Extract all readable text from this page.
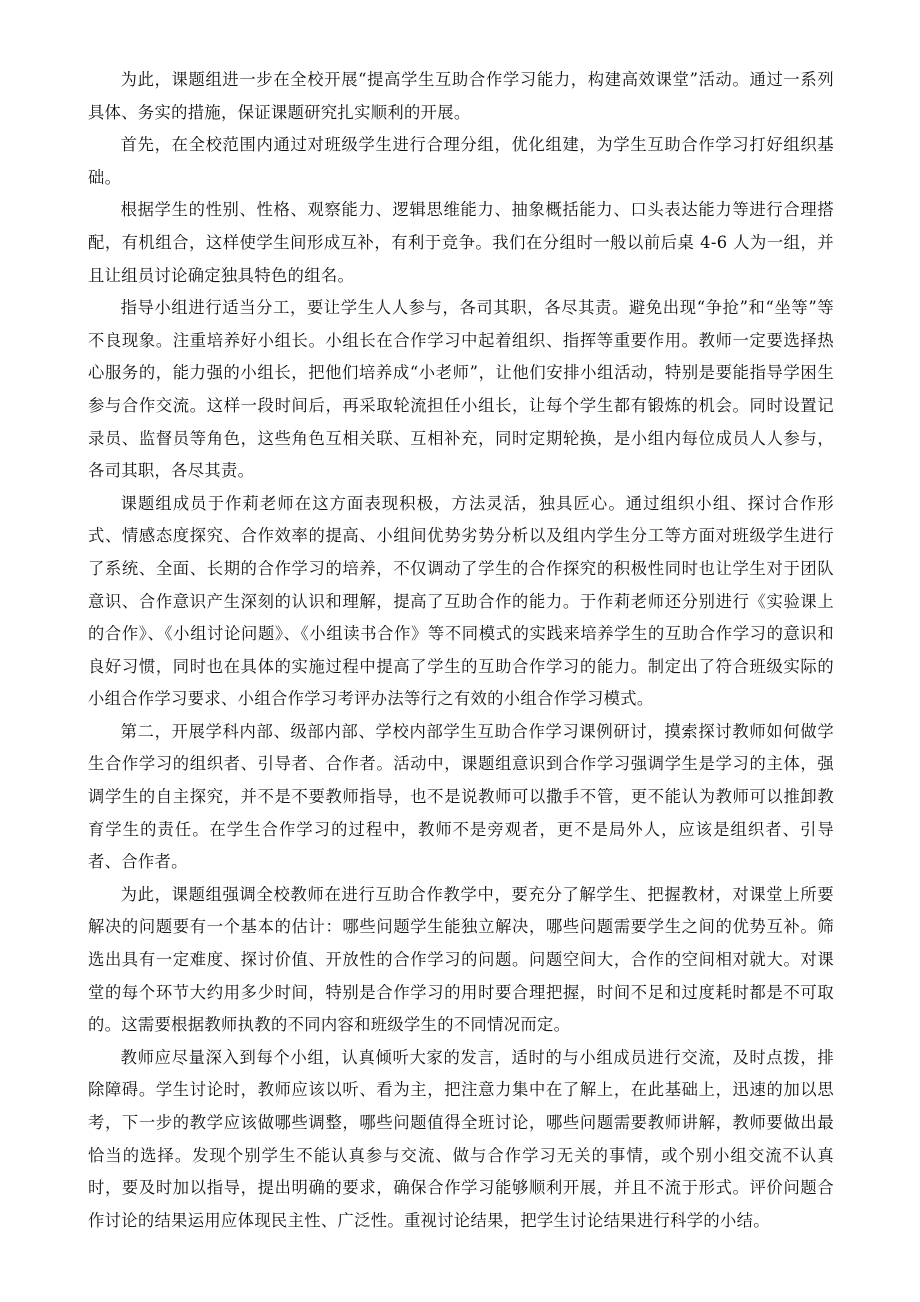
为此，课题组进一步在全校开展“提高学生互助合作学习能力，构建高效课堂”活动。通过一系列具体、务实的措施，保证课题研究扎实顺利的开展。

首先，在全校范围内通过对班级学生进行合理分组，优化组建，为学生互助合作学习打好组织基础。

根据学生的性别、性格、观察能力、逻辑思维能力、抽象概括能力、口头表达能力等进行合理搭配，有机组合，这样使学生间形成互补，有利于竞争。我们在分组时一般以前后桌 4-6 人为一组，并且让组员讨论确定独具特色的组名。

指导小组进行适当分工，要让学生人人参与，各司其职，各尽其责。避免出现“争抢”和“坐等”等不良现象。注重培养好小组长。小组长在合作学习中起着组织、指挥等重要作用。教师一定要选择热心服务的，能力强的小组长，把他们培养成“小老师”，让他们安排小组活动，特别是要能指导学困生参与合作交流。这样一段时间后，再采取轮流担任小组长，让每个学生都有锻炼的机会。同时设置记录员、监督员等角色，这些角色互相关联、互相补充，同时定期轮换，是小组内每位成员人人参与，各司其职，各尽其责。

课题组成员于作莉老师在这方面表现积极，方法灵活，独具匠心。通过组织小组、探讨合作形式、情感态度探究、合作效率的提高、小组间优势劣势分析以及组内学生分工等方面对班级学生进行了系统、全面、长期的合作学习的培养，不仅调动了学生的合作探究的积极性同时也让学生对于团队意识、合作意识产生深刻的认识和理解，提高了互助合作的能力。于作莉老师还分别进行《实验课上的合作》、《小组讨论问题》、《小组读书合作》等不同模式的实践来培养学生的互助合作学习的意识和良好习惯，同时也在具体的实施过程中提高了学生的互助合作学习的能力。制定出了符合班级实际的小组合作学习要求、小组合作学习考评办法等行之有效的小组合作学习模式。

第二，开展学科内部、级部内部、学校内部学生互助合作学习课例研讨，摸索探讨教师如何做学生合作学习的组织者、引导者、合作者。活动中，课题组意识到合作学习强调学生是学习的主体，强调学生的自主探究，并不是不要教师指导，也不是说教师可以撒手不管，更不能认为教师可以推卸教育学生的责任。在学生合作学习的过程中，教师不是旁观者，更不是局外人，应该是组织者、引导者、合作者。

为此，课题组强调全校教师在进行互助合作教学中，要充分了解学生、把握教材，对课堂上所要解决的问题要有一个基本的估计：哪些问题学生能独立解决，哪些问题需要学生之间的优势互补。筛选出具有一定难度、探讨价值、开放性的合作学习的问题。问题空间大，合作的空间相对就大。对课堂的每个环节大约用多少时间，特别是合作学习的用时要合理把握，时间不足和过度耗时都是不可取的。这需要根据教师执教的不同内容和班级学生的不同情况而定。

教师应尽量深入到每个小组，认真倾听大家的发言，适时的与小组成员进行交流，及时点拨，排除障碍。学生讨论时，教师应该以听、看为主，把注意力集中在了解上，在此基础上，迅速的加以思考，下一步的教学应该做哪些调整，哪些问题值得全班讨论，哪些问题需要教师讲解，教师要做出最恰当的选择。发现个别学生不能认真参与交流、做与合作学习无关的事情，或个别小组交流不认真时，要及时加以指导，提出明确的要求，确保合作学习能够顺利开展，并且不流于形式。评价问题合作讨论的结果运用应体现民主性、广泛性。重视讨论结果，把学生讨论结果进行科学的小结。
